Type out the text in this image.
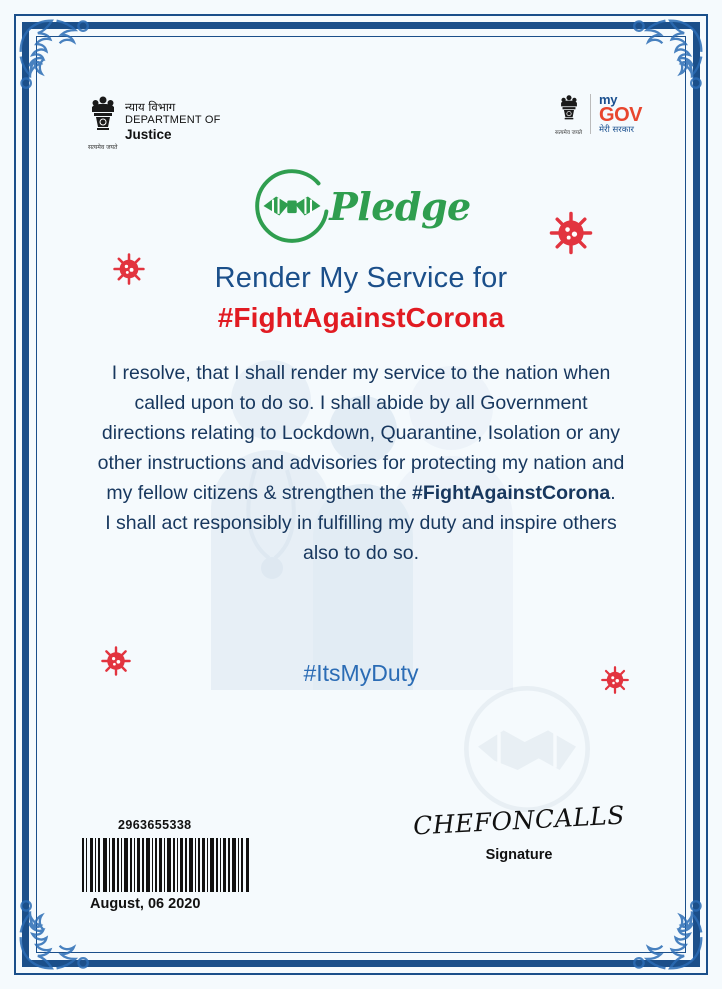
सत्यमेव जयते
न्याय विभाग
DEPARTMENT OF
Justice	सत्यमेव जयते
my
GOV
मेरी सरकार
Pledge
Render My Service for
#FightAgainstCorona
I resolve, that I shall render my service to the nation when called upon to do so. I shall abide by all Government directions relating to Lockdown, Quarantine, Isolation or any other instructions and advisories for protecting my nation and my fellow citizens & strengthen the #FightAgainstCorona.
I shall act responsibly in fulfilling my duty and inspire others also to do so.
#ItsMyDuty
2963655338
August, 06 2020
CHEFONCALLS
Signature
